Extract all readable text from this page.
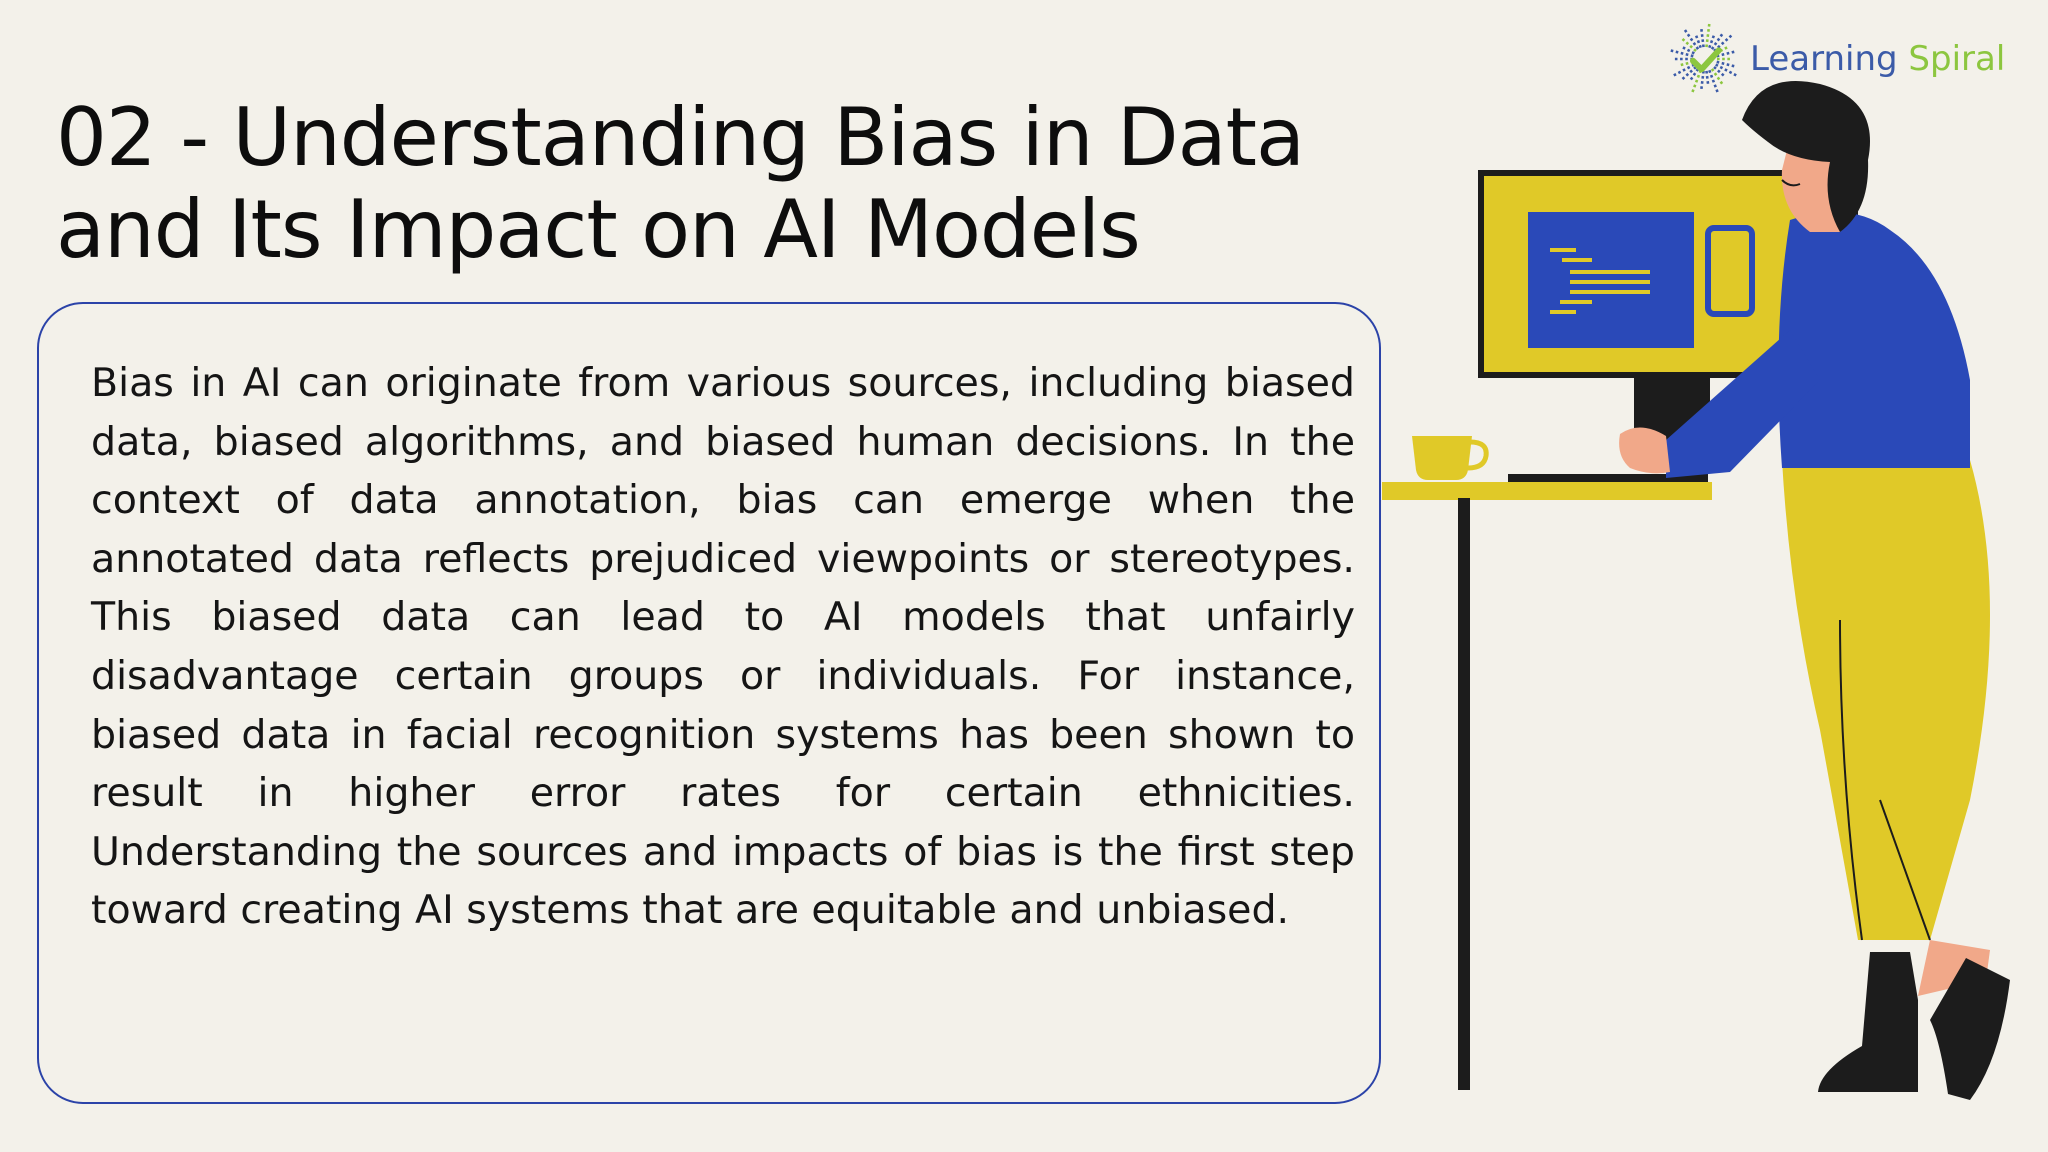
02 - Understanding Bias in Data
and Its Impact on AI Models
Learning Spiral

Bias in AI can originate from various sources, including biased data, biased algorithms, and biased human decisions. In the context of data annotation, bias can emerge when the annotated data reflects prejudiced viewpoints or stereotypes. This biased data can lead to AI models that unfairly disadvantage certain groups or individuals. For instance, biased data in facial recognition systems has been shown to result in higher error rates for certain ethnicities. Understanding the sources and impacts of bias is the first step toward creating AI systems that are equitable and unbiased.
